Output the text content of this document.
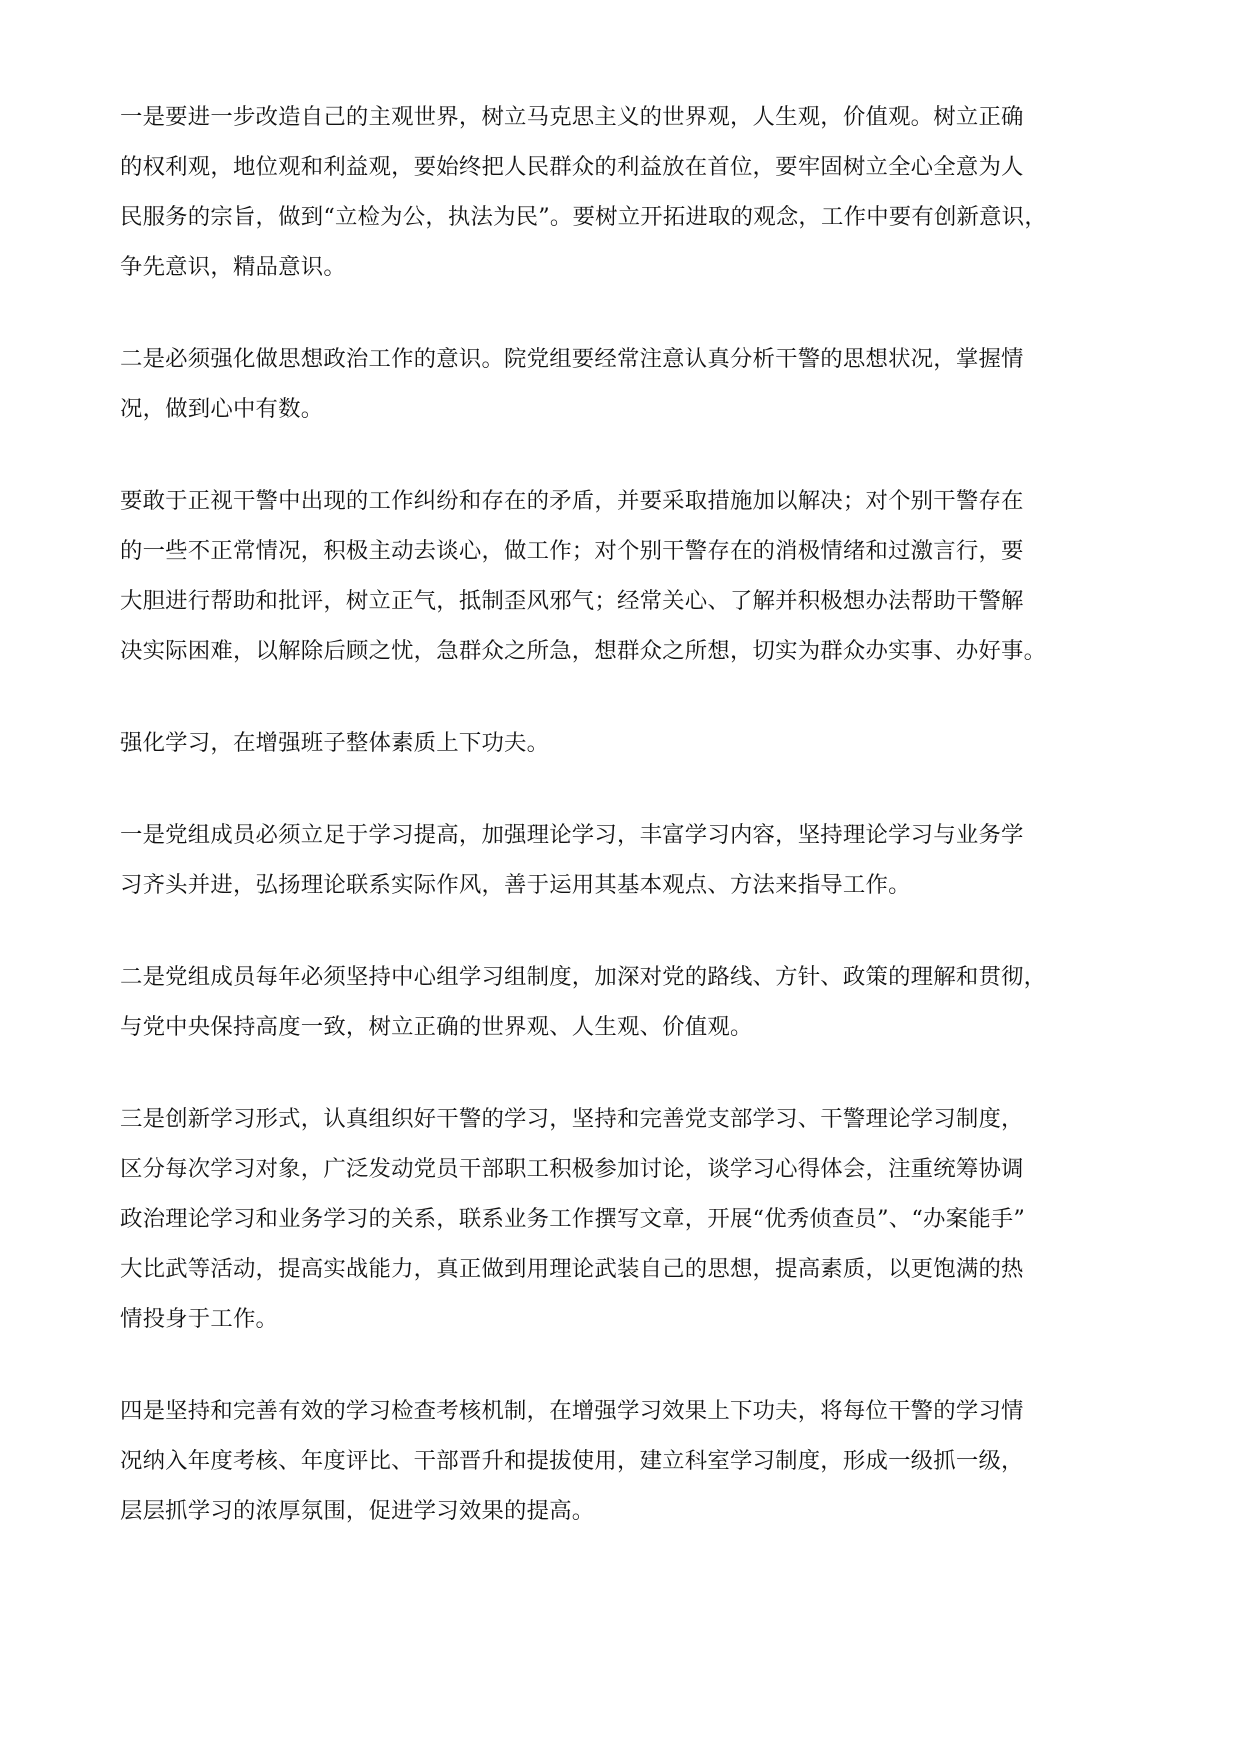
一是要进一步改造自己的主观世界，树立马克思主义的世界观，人生观，价值观。树立正确
的权利观，地位观和利益观，要始终把人民群众的利益放在首位，要牢固树立全心全意为人
民服务的宗旨，做到“立检为公，执法为民”。要树立开拓进取的观念，工作中要有创新意识，
争先意识，精品意识。

二是必须强化做思想政治工作的意识。院党组要经常注意认真分析干警的思想状况，掌握情
况，做到心中有数。

要敢于正视干警中出现的工作纠纷和存在的矛盾，并要采取措施加以解决；对个别干警存在
的一些不正常情况，积极主动去谈心，做工作；对个别干警存在的消极情绪和过激言行，要
大胆进行帮助和批评，树立正气，抵制歪风邪气；经常关心、了解并积极想办法帮助干警解
决实际困难，以解除后顾之忧，急群众之所急，想群众之所想，切实为群众办实事、办好事。

强化学习，在增强班子整体素质上下功夫。

一是党组成员必须立足于学习提高，加强理论学习，丰富学习内容，坚持理论学习与业务学
习齐头并进，弘扬理论联系实际作风，善于运用其基本观点、方法来指导工作。

二是党组成员每年必须坚持中心组学习组制度，加深对党的路线、方针、政策的理解和贯彻，
与党中央保持高度一致，树立正确的世界观、人生观、价值观。

三是创新学习形式，认真组织好干警的学习，坚持和完善党支部学习、干警理论学习制度，
区分每次学习对象，广泛发动党员干部职工积极参加讨论，谈学习心得体会，注重统筹协调
政治理论学习和业务学习的关系，联系业务工作撰写文章，开展“优秀侦查员”、“办案能手”
大比武等活动，提高实战能力，真正做到用理论武装自己的思想，提高素质，以更饱满的热
情投身于工作。

四是坚持和完善有效的学习检查考核机制，在增强学习效果上下功夫，将每位干警的学习情
况纳入年度考核、年度评比、干部晋升和提拔使用，建立科室学习制度，形成一级抓一级，
层层抓学习的浓厚氛围，促进学习效果的提高。
